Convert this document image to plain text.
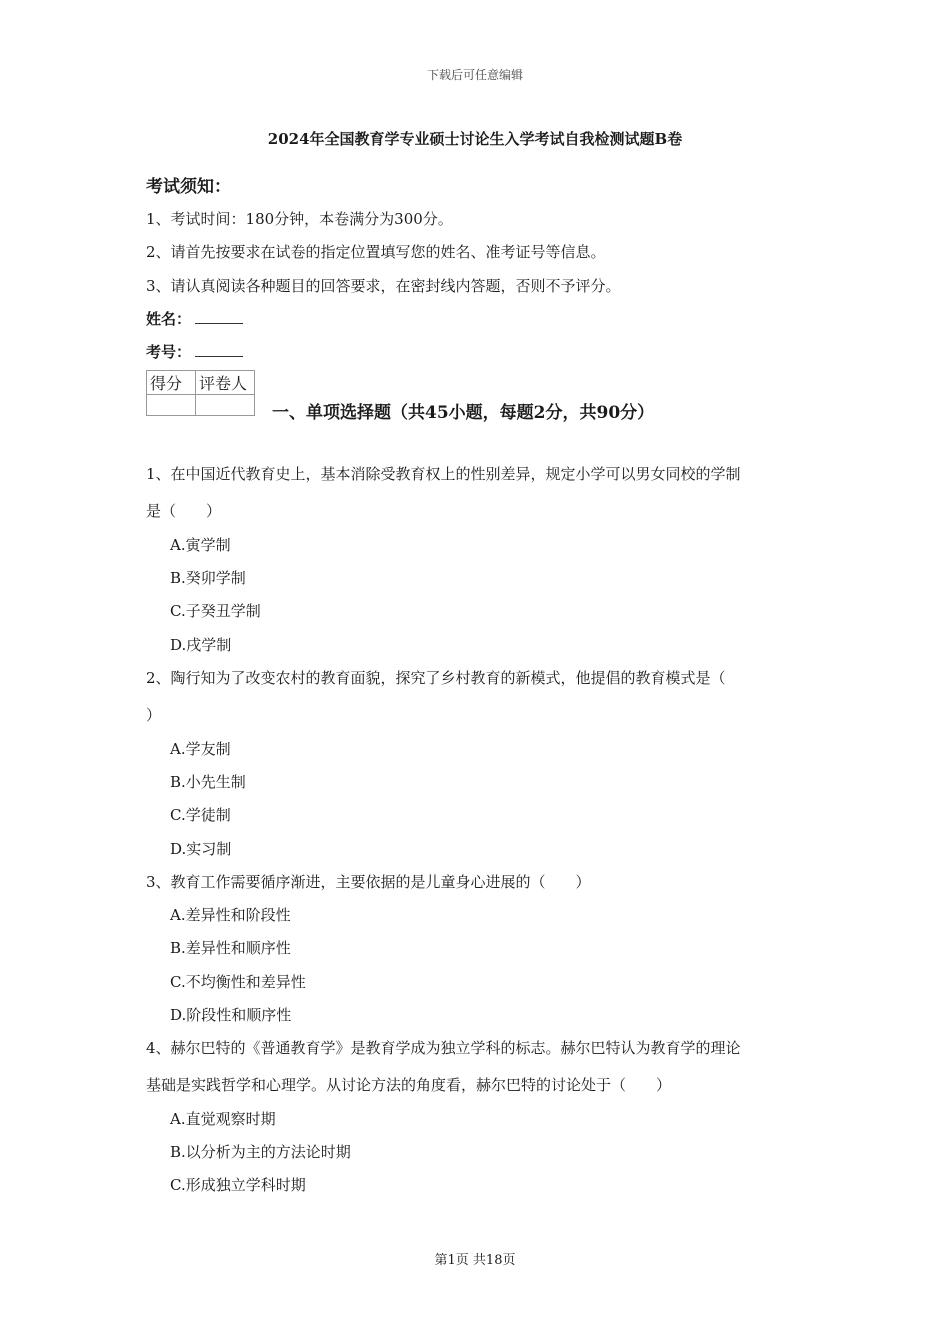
下载后可任意编辑
2024年全国教育学专业硕士讨论生入学考试自我检测试题B卷
考试须知：
1、考试时间：180分钟，本卷满分为300分。
2、请首先按要求在试卷的指定位置填写您的姓名、准考证号等信息。
3、请认真阅读各种题目的回答要求，在密封线内答题，否则不予评分。
姓名：
考号：
得分	评卷人

一、单项选择题（共45小题，每题2分，共90分）
1、在中国近代教育史上，基本消除受教育权上的性别差异，规定小学可以男女同校的学制
是（　　）
A.寅学制
B.癸卯学制
C.子癸丑学制
D.戌学制
2、陶行知为了改变农村的教育面貌，探究了乡村教育的新模式，他提倡的教育模式是（
）
A.学友制
B.小先生制
C.学徒制
D.实习制
3、教育工作需要循序渐进，主要依据的是儿童身心进展的（　　）
A.差异性和阶段性
B.差异性和顺序性
C.不均衡性和差异性
D.阶段性和顺序性
4、赫尔巴特的《普通教育学》是教育学成为独立学科的标志。赫尔巴特认为教育学的理论
基础是实践哲学和心理学。从讨论方法的角度看，赫尔巴特的讨论处于（　　）
A.直觉观察时期
B.以分析为主的方法论时期
C.形成独立学科时期
第1页 共18页
